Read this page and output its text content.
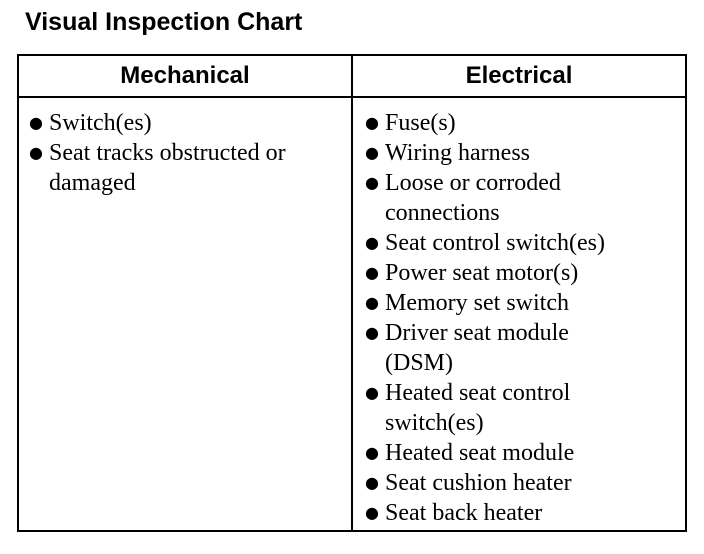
Visual Inspection Chart
Mechanical	Electrical
● Switch(es)
● Seat tracks obstructed or
damaged
● Fuse(s)
● Wiring harness
● Loose or corroded
connections
● Seat control switch(es)
● Power seat motor(s)
● Memory set switch
● Driver seat module
(DSM)
● Heated seat control
switch(es)
● Heated seat module
● Seat cushion heater
● Seat back heater
